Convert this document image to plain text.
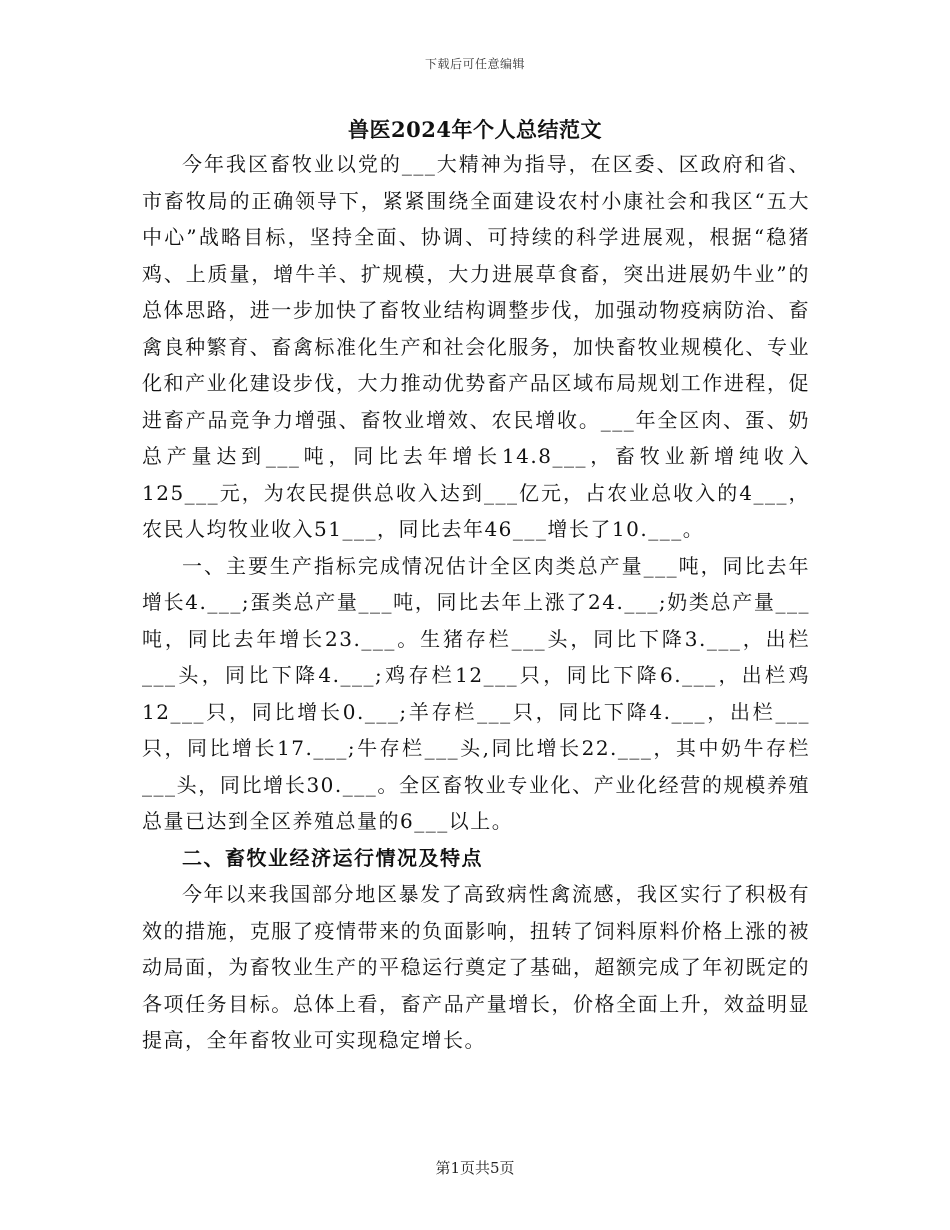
下载后可任意编辑
兽医2024年个人总结范文

今年我区畜牧业以党的___大精神为指导，在区委、区政府和省、市畜牧局的正确领导下，紧紧围绕全面建设农村小康社会和我区“五大中心”战略目标，坚持全面、协调、可持续的科学进展观，根据“稳猪鸡、上质量，增牛羊、扩规模，大力进展草食畜，突出进展奶牛业”的总体思路，进一步加快了畜牧业结构调整步伐，加强动物疫病防治、畜禽良种繁育、畜禽标准化生产和社会化服务，加快畜牧业规模化、专业化和产业化建设步伐，大力推动优势畜产品区域布局规划工作进程，促进畜产品竞争力增强、畜牧业增效、农民增收。___年全区肉、蛋、奶总产量达到___吨，同比去年增长14.8___，畜牧业新增纯收入125___元，为农民提供总收入达到___亿元，占农业总收入的4___，农民人均牧业收入51___，同比去年46___增长了10.___。

一、主要生产指标完成情况估计全区肉类总产量___吨，同比去年增长4.___;蛋类总产量___吨，同比去年上涨了24.___;奶类总产量___吨，同比去年增长23.___。生猪存栏___头，同比下降3.___，出栏___头，同比下降4.___;鸡存栏12___只，同比下降6.___，出栏鸡12___只，同比增长0.___;羊存栏___只，同比下降4.___，出栏___只，同比增长17.___;牛存栏___头,同比增长22.___，其中奶牛存栏___头，同比增长30.___。全区畜牧业专业化、产业化经营的规模养殖总量已达到全区养殖总量的6___以上。

二、畜牧业经济运行情况及特点

今年以来我国部分地区暴发了高致病性禽流感，我区实行了积极有效的措施，克服了疫情带来的负面影响，扭转了饲料原料价格上涨的被动局面，为畜牧业生产的平稳运行奠定了基础，超额完成了年初既定的各项任务目标。总体上看，畜产品产量增长，价格全面上升，效益明显提高，全年畜牧业可实现稳定增长。

第1页共5页
